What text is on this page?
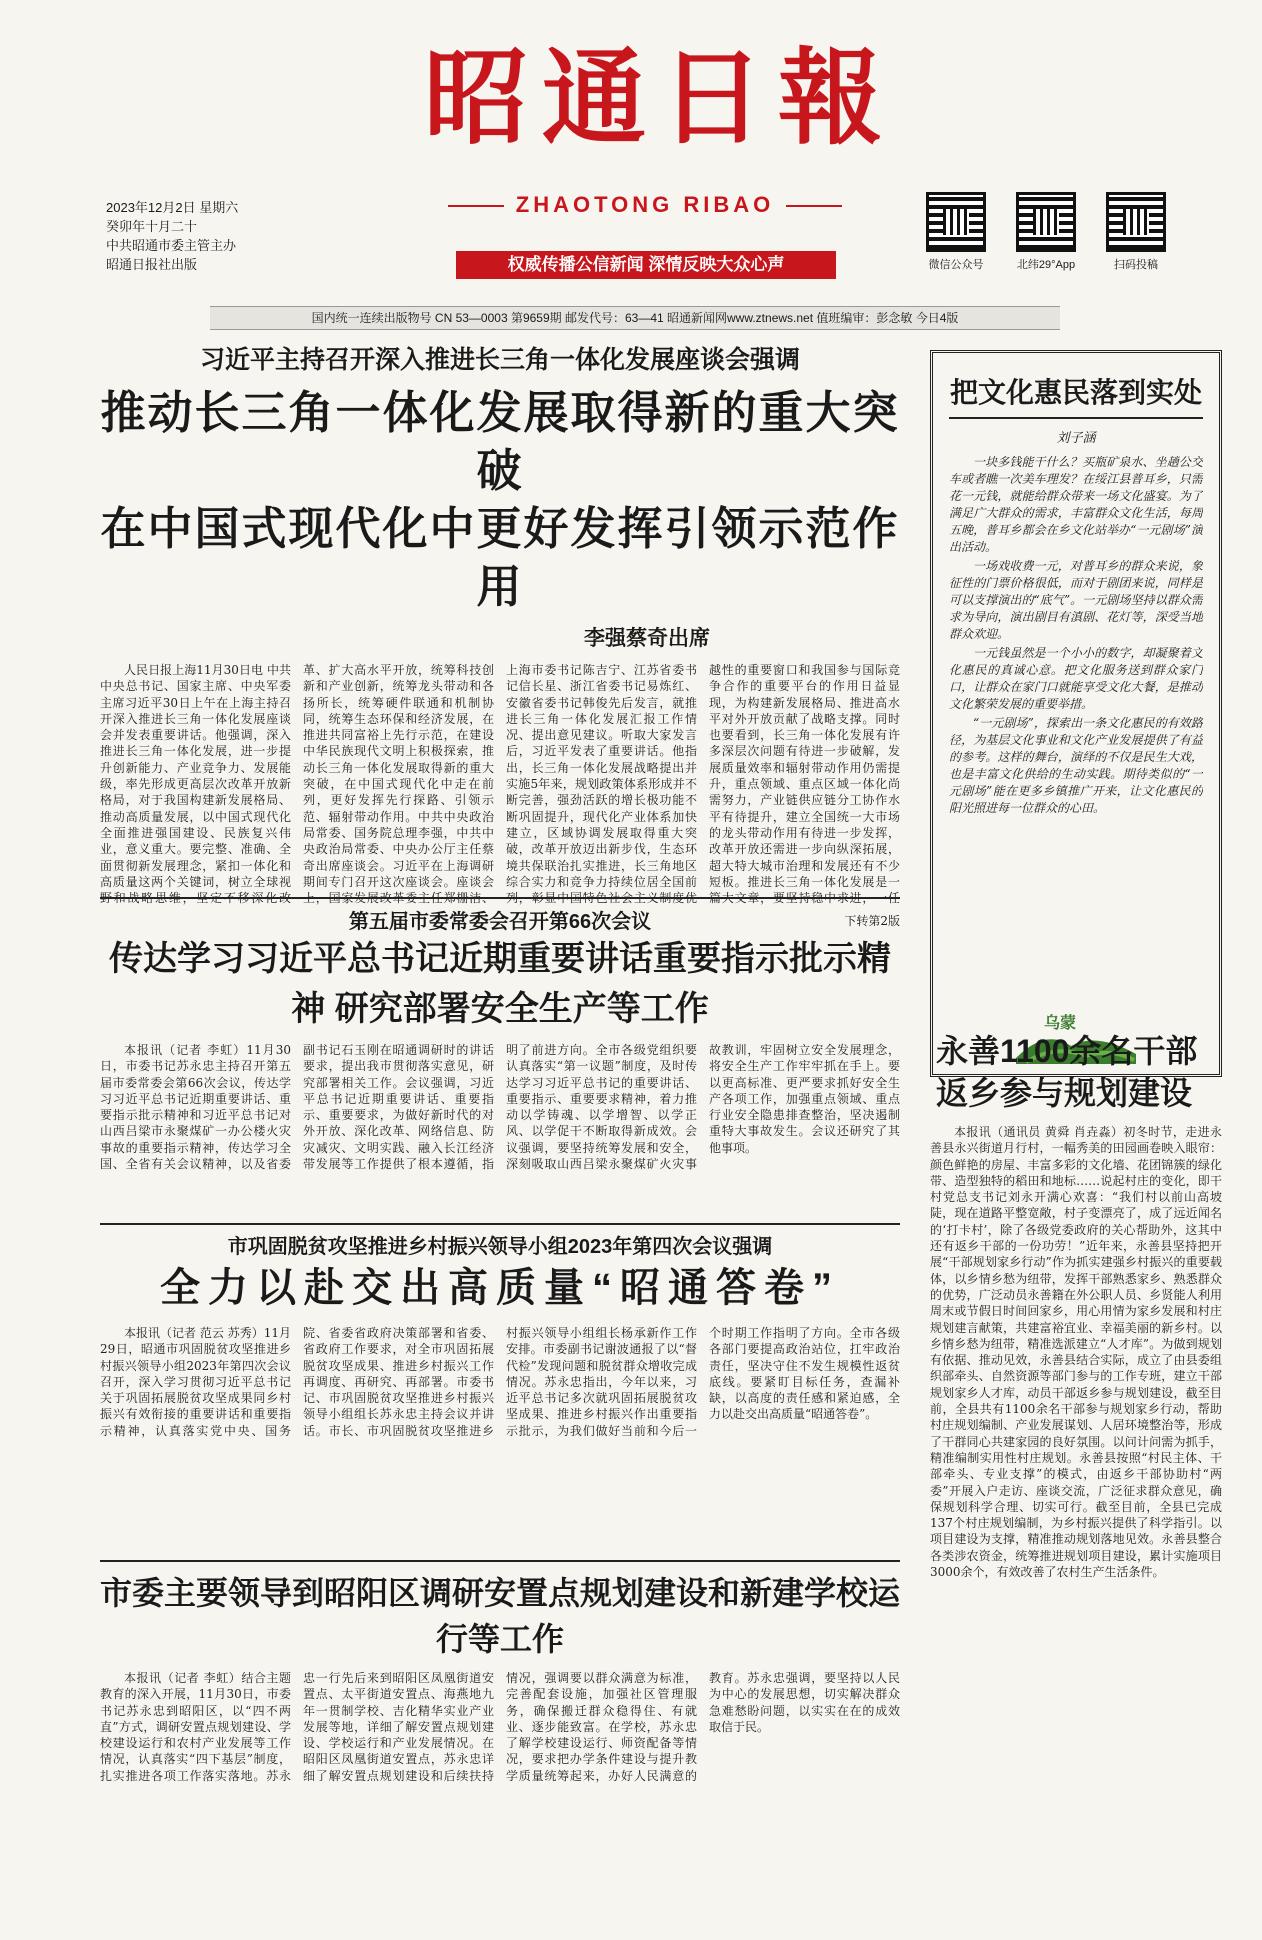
昭通日報
ZHAOTONG RIBAO
2023年12月2日 星期六
癸卯年十月二十
中共昭通市委主管主办
昭通日报社出版	权威传播公信新闻 深情反映大众心声	微信公众号	北纬29°App	扫码投稿
国内统一连续出版物号 CN 53—0003 第9659期 邮发代号：63—41 昭通新闻网www.ztnews.net 值班编审：彭念敏 今日4版
习近平主持召开深入推进长三角一体化发展座谈会强调
推动长三角一体化发展取得新的重大突破
在中国式现代化中更好发挥引领示范作用
李强蔡奇出席

人民日报上海11月30日电 中共中央总书记、国家主席、中央军委主席习近平30日上午在上海主持召开深入推进长三角一体化发展座谈会并发表重要讲话。他强调，深入推进长三角一体化发展，进一步提升创新能力、产业竞争力、发展能级，率先形成更高层次改革开放新格局，对于我国构建新发展格局、推动高质量发展，以中国式现代化全面推进强国建设、民族复兴伟业，意义重大。要完整、准确、全面贯彻新发展理念，紧扣一体化和高质量这两个关键词，树立全球视 革、扩大高水平开放，统筹科技创新和产业创新，统筹龙头带动和各扬所长，统筹硬件联通和机制协同，统筹生态环保和经济发展，在推进共同富裕上先行示范，在建设中华民族现代文明上积极探索，推动长三角一体化发展取得新的重大突破，在中国式现代化中走在前列，更好发挥先行探路、引领示范、辐射带动作用。中共中央政治局常委、国务院总理李强，中共中央政治局常委、中央办公厅主任蔡奇出席座谈会。习近平在上海调研期间专门召开这次座谈会。座谈会 上海市委书记陈吉宁、江苏省委书记信长星、浙江省委书记易炼红、安徽省委书记韩俊先后发言，就推进长三角一体化发展汇报工作情况、提出意见建议。听取大家发言后，习近平发表了重要讲话。他指出，长三角一体化发展战略提出并实施5年来，规划政策体系形成并不断完善，强劲活跃的增长极功能不断巩固提升，现代化产业体系加快建立，区域协调发展取得重大突破，改革开放迈出新步伐，生态环境共保联治扎实推进，长三角地区综合实力和竞争力持续位居全国前 越性的重要窗口和我国参与国际竞争合作的重要平台的作用日益显现，为构建新发展格局、推进高水平对外开放贡献了战略支撑。同时也要看到，长三角一体化发展有许多深层次问题有待进一步破解，发展质量效率和辐射带动作用仍需提升，重点领域、重点区域一体化尚需努力，产业链供应链分工协作水平有待提升，建立全国统一大市场的龙头带动作用有待进一步发挥，改革开放还需进一步向纵深拓展，超大特大城市治理和发展还有不少短板。推进长三角一体化发展是一

下转第2版
第五届市委常委会召开第66次会议
传达学习习近平总书记近期重要讲话重要指示批示精神 研究部署安全生产等工作

本报讯（记者 李虹）11月30日，市委书记苏永忠主持召开第五届市委常委会第66次会议，传达学习习近平总书记近期重要讲话、重要指示批示精神和习近平总书记对山西吕梁市永聚煤矿一办公楼火灾事故的重要指示精神，传达学习全国、全省有关会议精神，以及省委副书记石玉刚在昭通调研时的讲话要求，提出我市贯彻落实意见，研究部署相关工作。会议强调，习近平总书记近期重要讲话、重要指示、重要要求，为做好新时代的对外开放、深化改革、网络信息、防灾减灾、文明实践、融入长江经济带发展等工作提供了根本遵循，指明了前进方向。全市各级党组织要认真落实“第一议题”制度，及时传达学习习近平总书记的重要讲话、重要指示、重要要求精神，着力推动以学铸魂、以学增智、以学正风、以学促干不断取得新成效。会议强调，要坚持统筹发展和安全，深刻吸取山西吕梁永聚煤矿火灾事故教训，牢固树立安全发展理念，将安全生产工作牢牢抓在手上。要以更高标准、更严要求抓好安全生产各项工作，加强重点领域、重点行业安全隐患排查整治，坚决遏制重特大事故发生。会议还研究了其他事项。

市巩固脱贫攻坚推进乡村振兴领导小组2023年第四次会议强调
全力以赴交出高质量“昭通答卷”

本报讯（记者 范云 苏秀）11月29日，昭通市巩固脱贫攻坚推进乡村振兴领导小组2023年第四次会议召开，深入学习贯彻习近平总书记关于巩固拓展脱贫攻坚成果同乡村振兴有效衔接的重要讲话和重要指示精神，认真落实党中央、国务院、省委省政府决策部署和省委、省政府工作要求，对全市巩固拓展脱贫攻坚成果、推进乡村振兴工作再调度、再研究、再部署。市委书记、市巩固脱贫攻坚推进乡村振兴领导小组组长苏永忠主持会议并讲话。市长、市巩固脱贫攻坚推进乡村振兴领导小组组长杨承新作工作安排。市委副书记谢波通报了以“督代检”发现问题和脱贫群众增收完成情况。苏永忠指出，今年以来，习近平总书记多次就巩固拓展脱贫攻坚成果、推进乡村振兴作出重要指示批示，为我们做好当前和今后一个时期工作指明了方向。全市各级各部门要提高政治站位，扛牢政治责任，坚决守住不发生规模性返贫底线。要紧盯目标任务，查漏补缺，以高度的责任感和紧迫感，全力以赴交出高质量“昭通答卷”。

市委主要领导到昭阳区调研安置点规划建设和新建学校运行等工作

本报讯（记者 李虹）结合主题教育的深入开展，11月30日，市委书记苏永忠到昭阳区，以“四不两直”方式，调研安置点规划建设、学校建设运行和农村产业发展等工作情况，认真落实“四下基层”制度，扎实推进各项工作落实落地。苏永忠一行先后来到昭阳区凤凰街道安置点、太平街道安置点、海燕地九年一贯制学校、吉化精华实业产业发展等地，详细了解安置点规划建设、学校运行和产业发展情况。在昭阳区凤凰街道安置点，苏永忠详细了解安置点规划建设和后续扶持情况，强调要以群众满意为标准，完善配套设施，加强社区管理服务，确保搬迁群众稳得住、有就业、逐步能致富。在学校，苏永忠了解学校建设运行、师资配备等情况，要求把办学条件建设与提升教学质量统筹起来，办好人民满意的教育。苏永忠强调，要坚持以人民为中心的发展思想，切实解决群众急难愁盼问题，以实实在在的成效取信于民。

把文化惠民落到实处
刘子涵

一块多钱能干什么？买瓶矿泉水、坐趟公交车或者瞧一次美车理发？在绥江县普耳乡，只需花一元钱，就能给群众带来一场文化盛宴。为了满足广大群众的需求，丰富群众文化生活，每周五晚，普耳乡都会在乡文化站举办“一元剧场”演出活动。

一场戏收费一元，对普耳乡的群众来说，象征性的门票价格很低，而对于剧团来说，同样是可以支撑演出的“底气”。一元剧场坚持以群众需求为导向，演出剧目有滇剧、花灯等，深受当地群众欢迎。

一元钱虽然是一个小小的数字，却凝聚着文化惠民的真诚心意。把文化服务送到群众家门口，让群众在家门口就能享受文化大餐，是推动文化繁荣发展的重要举措。

“一元剧场”，探索出一条文化惠民的有效路径，为基层文化事业和文化产业发展提供了有益的参考。这样的舞台，演绎的不仅是民生大戏，也是丰富文化供给的生动实践。期待类似的“一元剧场”能在更多乡镇推广开来，让文化惠民的阳光照进每一位群众的心田。

乌蒙
永善1100余名干部
返乡参与规划建设

本报讯（通讯员 黄舜 肖垚淼）初冬时节，走进永善县永兴街道月行村，一幅秀美的田园画卷映入眼帘：颜色鲜艳的房屋、丰富多彩的文化墙、花团锦簇的绿化带、造型独特的稻田和地标……说起村庄的变化，即干村党总支书记刘永开满心欢喜：“我们村以前山高坡陡，现在道路平整宽敞，村子变漂亮了，成了远近闻名的‘打卡村’，除了各级党委政府的关心帮助外，这其中还有返乡干部的一份功劳！”近年来，永善县坚持把开展“干部规划家乡行动”作为抓实建强乡村振兴的重要载体，以乡情乡愁为纽带，发挥干部熟悉家乡、熟悉群众的优势，广泛动员永善籍在外公职人员、乡贤能人利用周末或节假日时间回家乡，用心用情为家乡发展和村庄规划建言献策，共建富裕宜业、幸福美丽的新乡村。以乡情乡愁为纽带，精准选派建立“人才库”。为做到规划有依据、推动见效，永善县结合实际，成立了由县委组织部牵头、自然资源等部门参与的工作专班，建立干部规划家乡人才库，动员干部返乡参与规划建设，截至目前，全县共有1100余名干部参与规划家乡行动，帮助村庄规划编制、产业发展谋划、人居环境整治等，形成了干群同心共建家园的良好氛围。以问计问需为抓手，精准编制实用性村庄规划。永善县按照“村民主体、干部牵头、专业支撑”的模式，由返乡干部协助村“两委”开展入户走访、座谈交流，广泛征求群众意见，确保规划科学合理、切实可行。截至目前，全县已完成137个村庄规划编制，为乡村振兴提供了科学指引。以项目建设为支撑，精准推动规划落地见效。永善县整合各类涉农资金，统筹推进规划项目建设，累计实施项目3000余个，有效改善了农村生产生活条件。
